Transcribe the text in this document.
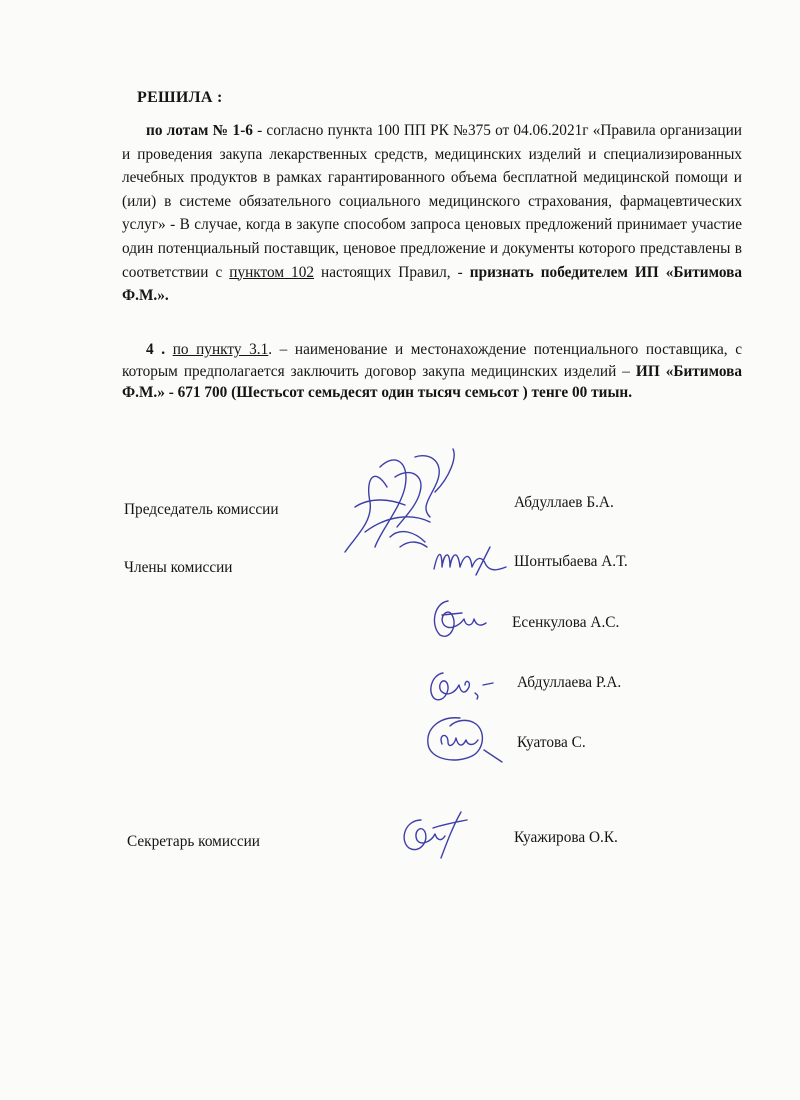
РЕШИЛА :
по лотам № 1-6 - согласно пункта 100 ПП РК №375 от 04.06.2021г «Правила организации и проведения закупа лекарственных средств, медицинских изделий и специализированных лечебных продуктов в рамках гарантированного объема бесплатной медицинской помощи и (или) в системе обязательного социального медицинского страхования, фармацевтических услуг» - В случае, когда в закупе способом запроса ценовых предложений принимает участие один потенциальный поставщик, ценовое предложение и документы которого представлены в соответствии с пунктом 102 настоящих Правил, - признать победителем ИП «Битимова Ф.М.».
4 . по пункту 3.1. – наименование и местонахождение потенциального поставщика, с которым предполагается заключить договор закупа медицинских изделий – ИП «Битимова Ф.М.» - 671 700 (Шестьсот семьдесят один тысяч семьсот ) тенге 00 тиын.
Председатель комиссии	Абдуллаев Б.А.
Члены комиссии	Шонтыбаева А.Т.
Есенкулова А.С.
Абдуллаева Р.А.
Куатова С.
Секретарь комиссии	Куажирова О.К.
